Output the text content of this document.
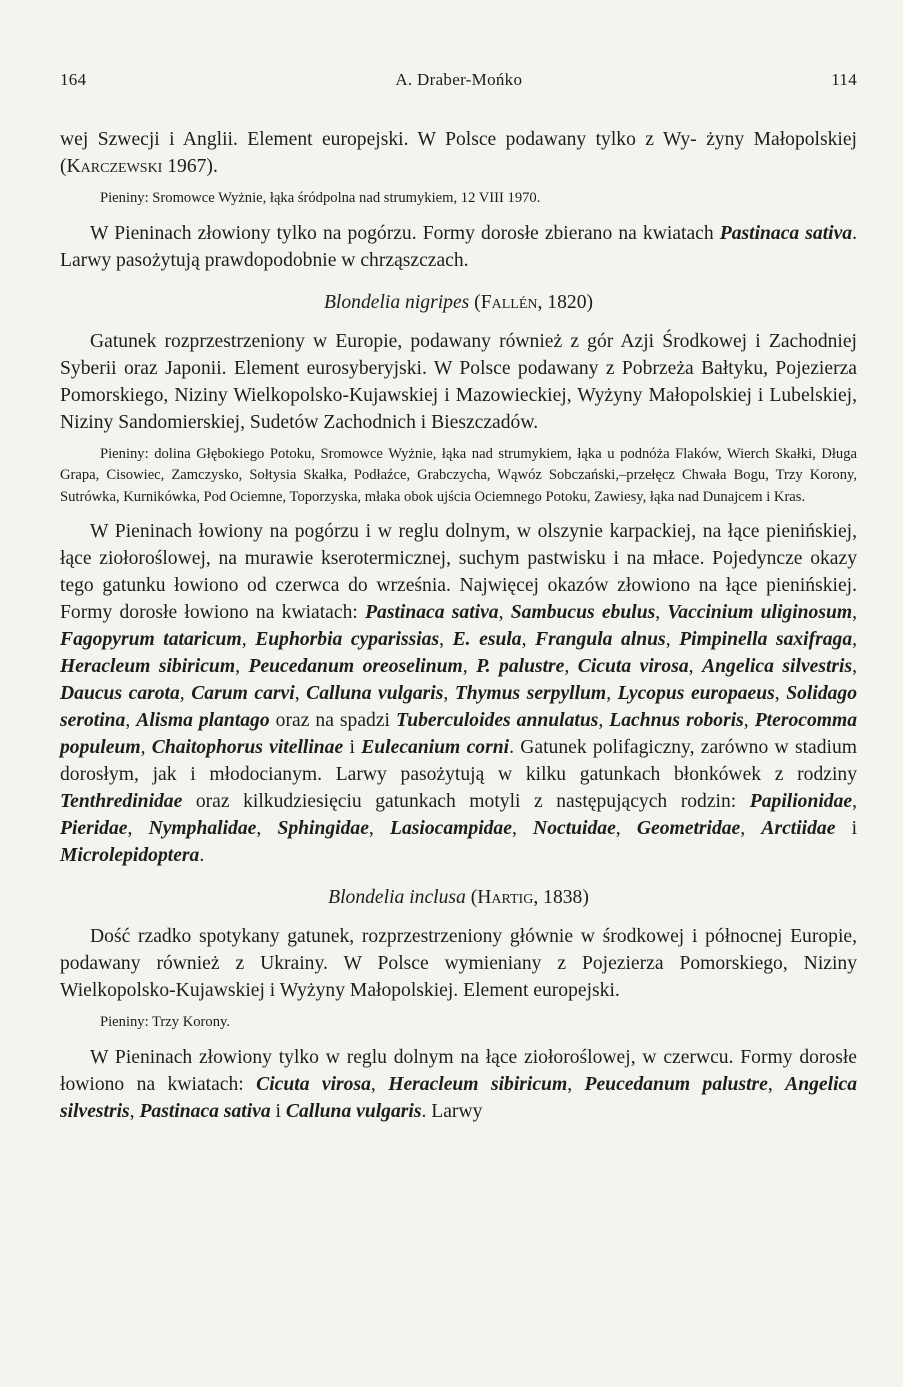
164	A. Draber-Mońko	114

wej Szwecji i Anglii. Element europejski. W Polsce podawany tylko z Wy- żyny Małopolskiej (Karczewski 1967).

Pieniny: Sromowce Wyżnie, łąka śródpolna nad strumykiem, 12 VIII 1970.

W Pieninach złowiony tylko na pogórzu. Formy dorosłe zbierano na kwiatach Pastinaca sativa. Larwy pasożytują prawdopodobnie w chrząszczach.

Blondelia nigripes (Fallén, 1820)

Gatunek rozprzestrzeniony w Europie, podawany również z gór Azji Środkowej i Zachodniej Syberii oraz Japonii. Element eurosyberyjski. W Polsce podawany z Pobrzeża Bałtyku, Pojezierza Pomorskiego, Niziny Wielkopolsko-Kujawskiej i Mazowieckiej, Wyżyny Małopolskiej i Lubelskiej, Niziny Sandomierskiej, Sudetów Zachodnich i Bieszczadów.

Pieniny: dolina Głębokiego Potoku, Sromowce Wyżnie, łąka nad strumykiem, łąka u podnóża Flaków, Wierch Skałki, Długa Grapa, Cisowiec, Zamczysko, Sołtysia Skałka, Podłaźce, Grabczycha, Wąwóz Sobczański,–przełęcz Chwała Bogu, Trzy Korony, Sutrówka, Kurnikówka, Pod Ociemne, Toporzyska, młaka obok ujścia Ociemnego Potoku, Zawiesy, łąka nad Dunajcem i Kras.

W Pieninach łowiony na pogórzu i w reglu dolnym, w olszynie karpackiej, na łące pienińskiej, łące ziołoroślowej, na murawie kserotermicznej, suchym pastwisku i na młace. Pojedyncze okazy tego gatunku łowiono od czerwca do września. Najwięcej okazów złowiono na łące pienińskiej. Formy dorosłe łowiono na kwiatach: Pastinaca sativa, Sambucus ebulus, Vaccinium uliginosum, Fagopyrum tataricum, Euphorbia cyparissias, E. esula, Frangula alnus, Pimpinella saxifraga, Heracleum sibiricum, Peucedanum oreoselinum, P. palustre, Cicuta virosa, Angelica silvestris, Daucus carota, Carum carvi, Calluna vulgaris, Thymus serpyllum, Lycopus europaeus, Solidago serotina, Alisma plantago oraz na spadzi Tuberculoides annulatus, Lachnus roboris, Pterocomma populeum, Chaitophorus vitellinae i Eulecanium corni. Gatunek polifagiczny, zarówno w stadium dorosłym, jak i młodocianym. Larwy pasożytują w kilku gatunkach błonkówek z rodziny Tenthredinidae oraz kilkudziesięciu gatunkach motyli z następujących rodzin: Papilionidae, Pieridae, Nymphalidae, Sphingidae, Lasiocampidae, Noctuidae, Geometridae, Arctiidae i Microlepidoptera.

Blondelia inclusa (Hartig, 1838)

Dość rzadko spotykany gatunek, rozprzestrzeniony głównie w środkowej i północnej Europie, podawany również z Ukrainy. W Polsce wymieniany z Pojezierza Pomorskiego, Niziny Wielkopolsko-Kujawskiej i Wyżyny Małopolskiej. Element europejski.

Pieniny: Trzy Korony.

W Pieninach złowiony tylko w reglu dolnym na łące ziołoroślowej, w czerwcu. Formy dorosłe łowiono na kwiatach: Cicuta virosa, Heracleum sibiricum, Peucedanum palustre, Angelica silvestris, Pastinaca sativa i Calluna vulgaris. Larwy
